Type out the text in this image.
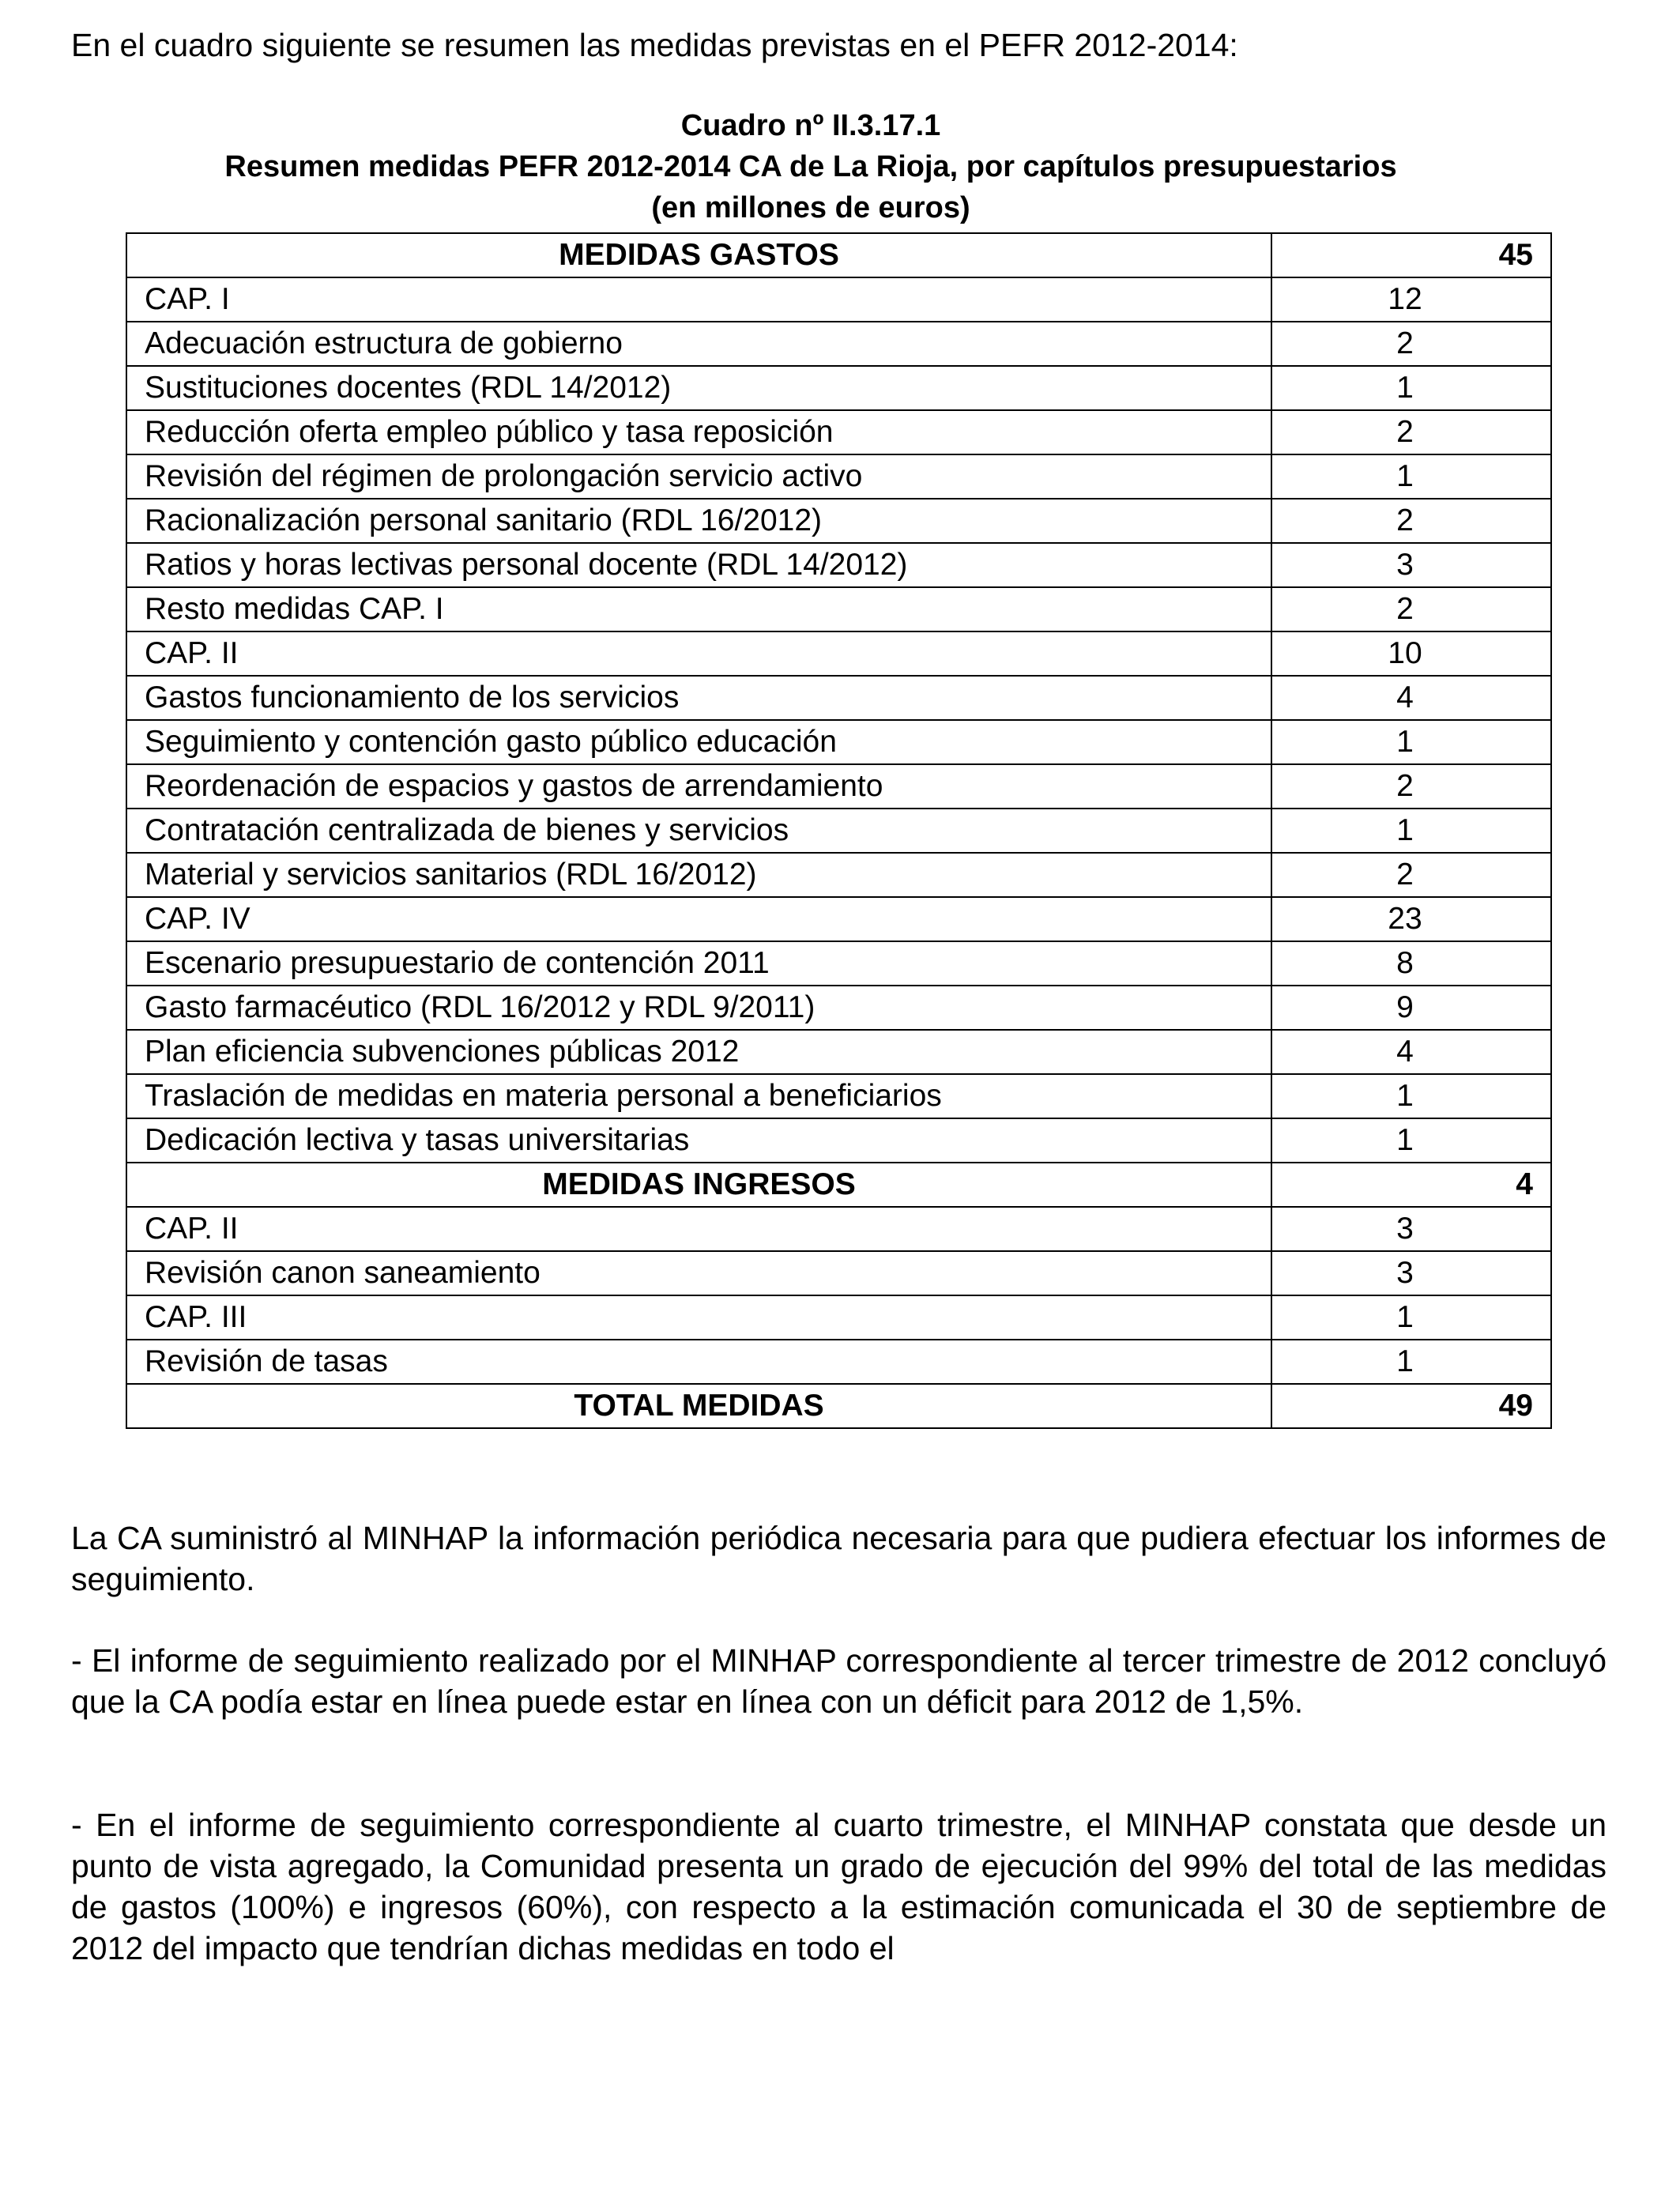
En el cuadro siguiente se resumen las medidas previstas en el PEFR 2012-2014:

Cuadro nº II.3.17.1

Resumen medidas PEFR 2012-2014 CA de La Rioja, por capítulos presupuestarios

(en millones de euros)

MEDIDAS GASTOS	45
CAP. I	12
Adecuación estructura de gobierno	2
Sustituciones docentes (RDL 14/2012)	1
Reducción oferta empleo público y tasa reposición	2
Revisión del régimen de prolongación servicio activo	1
Racionalización personal sanitario (RDL 16/2012)	2
Ratios y horas lectivas personal docente (RDL 14/2012)	3
Resto medidas CAP. I	2
CAP. II	10
Gastos funcionamiento de los servicios	4
Seguimiento y contención gasto público educación	1
Reordenación de espacios y gastos de arrendamiento	2
Contratación centralizada de bienes y servicios	1
Material y servicios sanitarios (RDL 16/2012)	2
CAP. IV	23
Escenario presupuestario de contención 2011	8
Gasto farmacéutico (RDL 16/2012 y RDL 9/2011)	9
Plan eficiencia subvenciones públicas 2012	4
Traslación de medidas en materia personal a beneficiarios	1
Dedicación lectiva y tasas universitarias	1
MEDIDAS INGRESOS	4
CAP. II	3
Revisión canon saneamiento	3
CAP. III	1
Revisión de tasas	1
TOTAL MEDIDAS	49

La CA suministró al MINHAP la información periódica necesaria para que pudiera efectuar los informes de seguimiento.

- El informe de seguimiento realizado por el MINHAP correspondiente al tercer trimestre de 2012 concluyó que la CA podía estar en línea puede estar en línea con un déficit para 2012 de 1,5%.

- En el informe de seguimiento correspondiente al cuarto trimestre, el MINHAP constata que desde un punto de vista agregado, la Comunidad presenta un grado de ejecución del 99% del total de las medidas de gastos (100%) e ingresos (60%), con respecto a la estimación comunicada el 30 de septiembre de 2012 del impacto que tendrían dichas medidas en todo el
